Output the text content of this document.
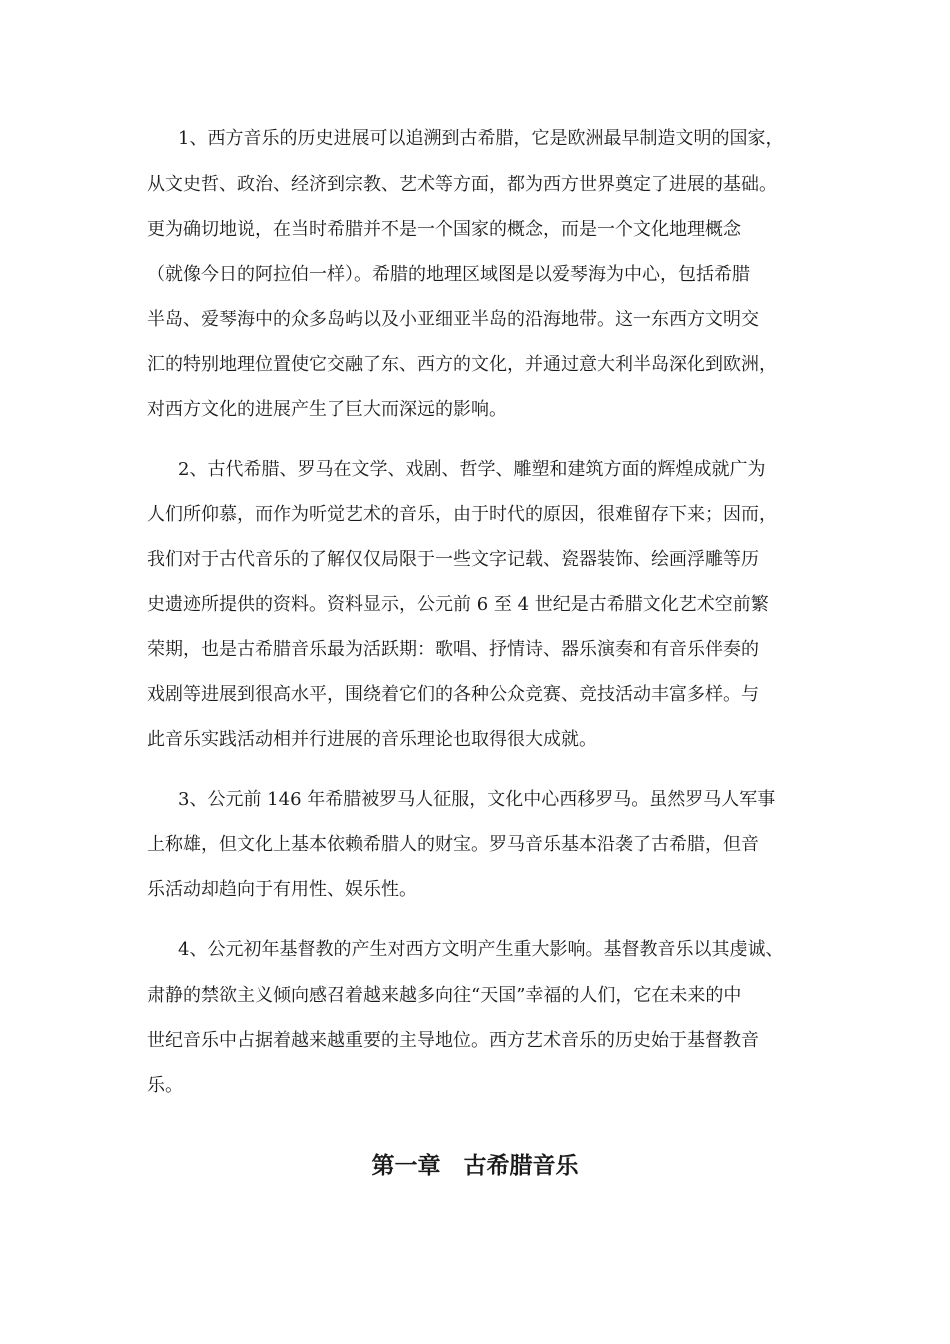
1、西方音乐的历史进展可以追溯到古希腊，它是欧洲最早制造文明的国家，
从文史哲、政治、经济到宗教、艺术等方面，都为西方世界奠定了进展的基础。
更为确切地说，在当时希腊并不是一个国家的概念，而是一个文化地理概念
（就像今日的阿拉伯一样）。希腊的地理区域图是以爱琴海为中心，包括希腊
半岛、爱琴海中的众多岛屿以及小亚细亚半岛的沿海地带。这一东西方文明交
汇的特别地理位置使它交融了东、西方的文化，并通过意大利半岛深化到欧洲，
对西方文化的进展产生了巨大而深远的影响。
2、古代希腊、罗马在文学、戏剧、哲学、雕塑和建筑方面的辉煌成就广为
人们所仰慕，而作为听觉艺术的音乐，由于时代的原因，很难留存下来；因而，
我们对于古代音乐的了解仅仅局限于一些文字记载、瓷器装饰、绘画浮雕等历
史遗迹所提供的资料。资料显示，公元前 6 至 4 世纪是古希腊文化艺术空前繁
荣期，也是古希腊音乐最为活跃期：歌唱、抒情诗、器乐演奏和有音乐伴奏的
戏剧等进展到很高水平，围绕着它们的各种公众竞赛、竞技活动丰富多样。与
此音乐实践活动相并行进展的音乐理论也取得很大成就。
3、公元前 146 年希腊被罗马人征服，文化中心西移罗马。虽然罗马人军事
上称雄，但文化上基本依赖希腊人的财宝。罗马音乐基本沿袭了古希腊，但音
乐活动却趋向于有用性、娱乐性。
4、公元初年基督教的产生对西方文明产生重大影响。基督教音乐以其虔诚、
肃静的禁欲主义倾向感召着越来越多向往“天国”幸福的人们，它在未来的中
世纪音乐中占据着越来越重要的主导地位。西方艺术音乐的历史始于基督教音
乐。
第一章　古希腊音乐
